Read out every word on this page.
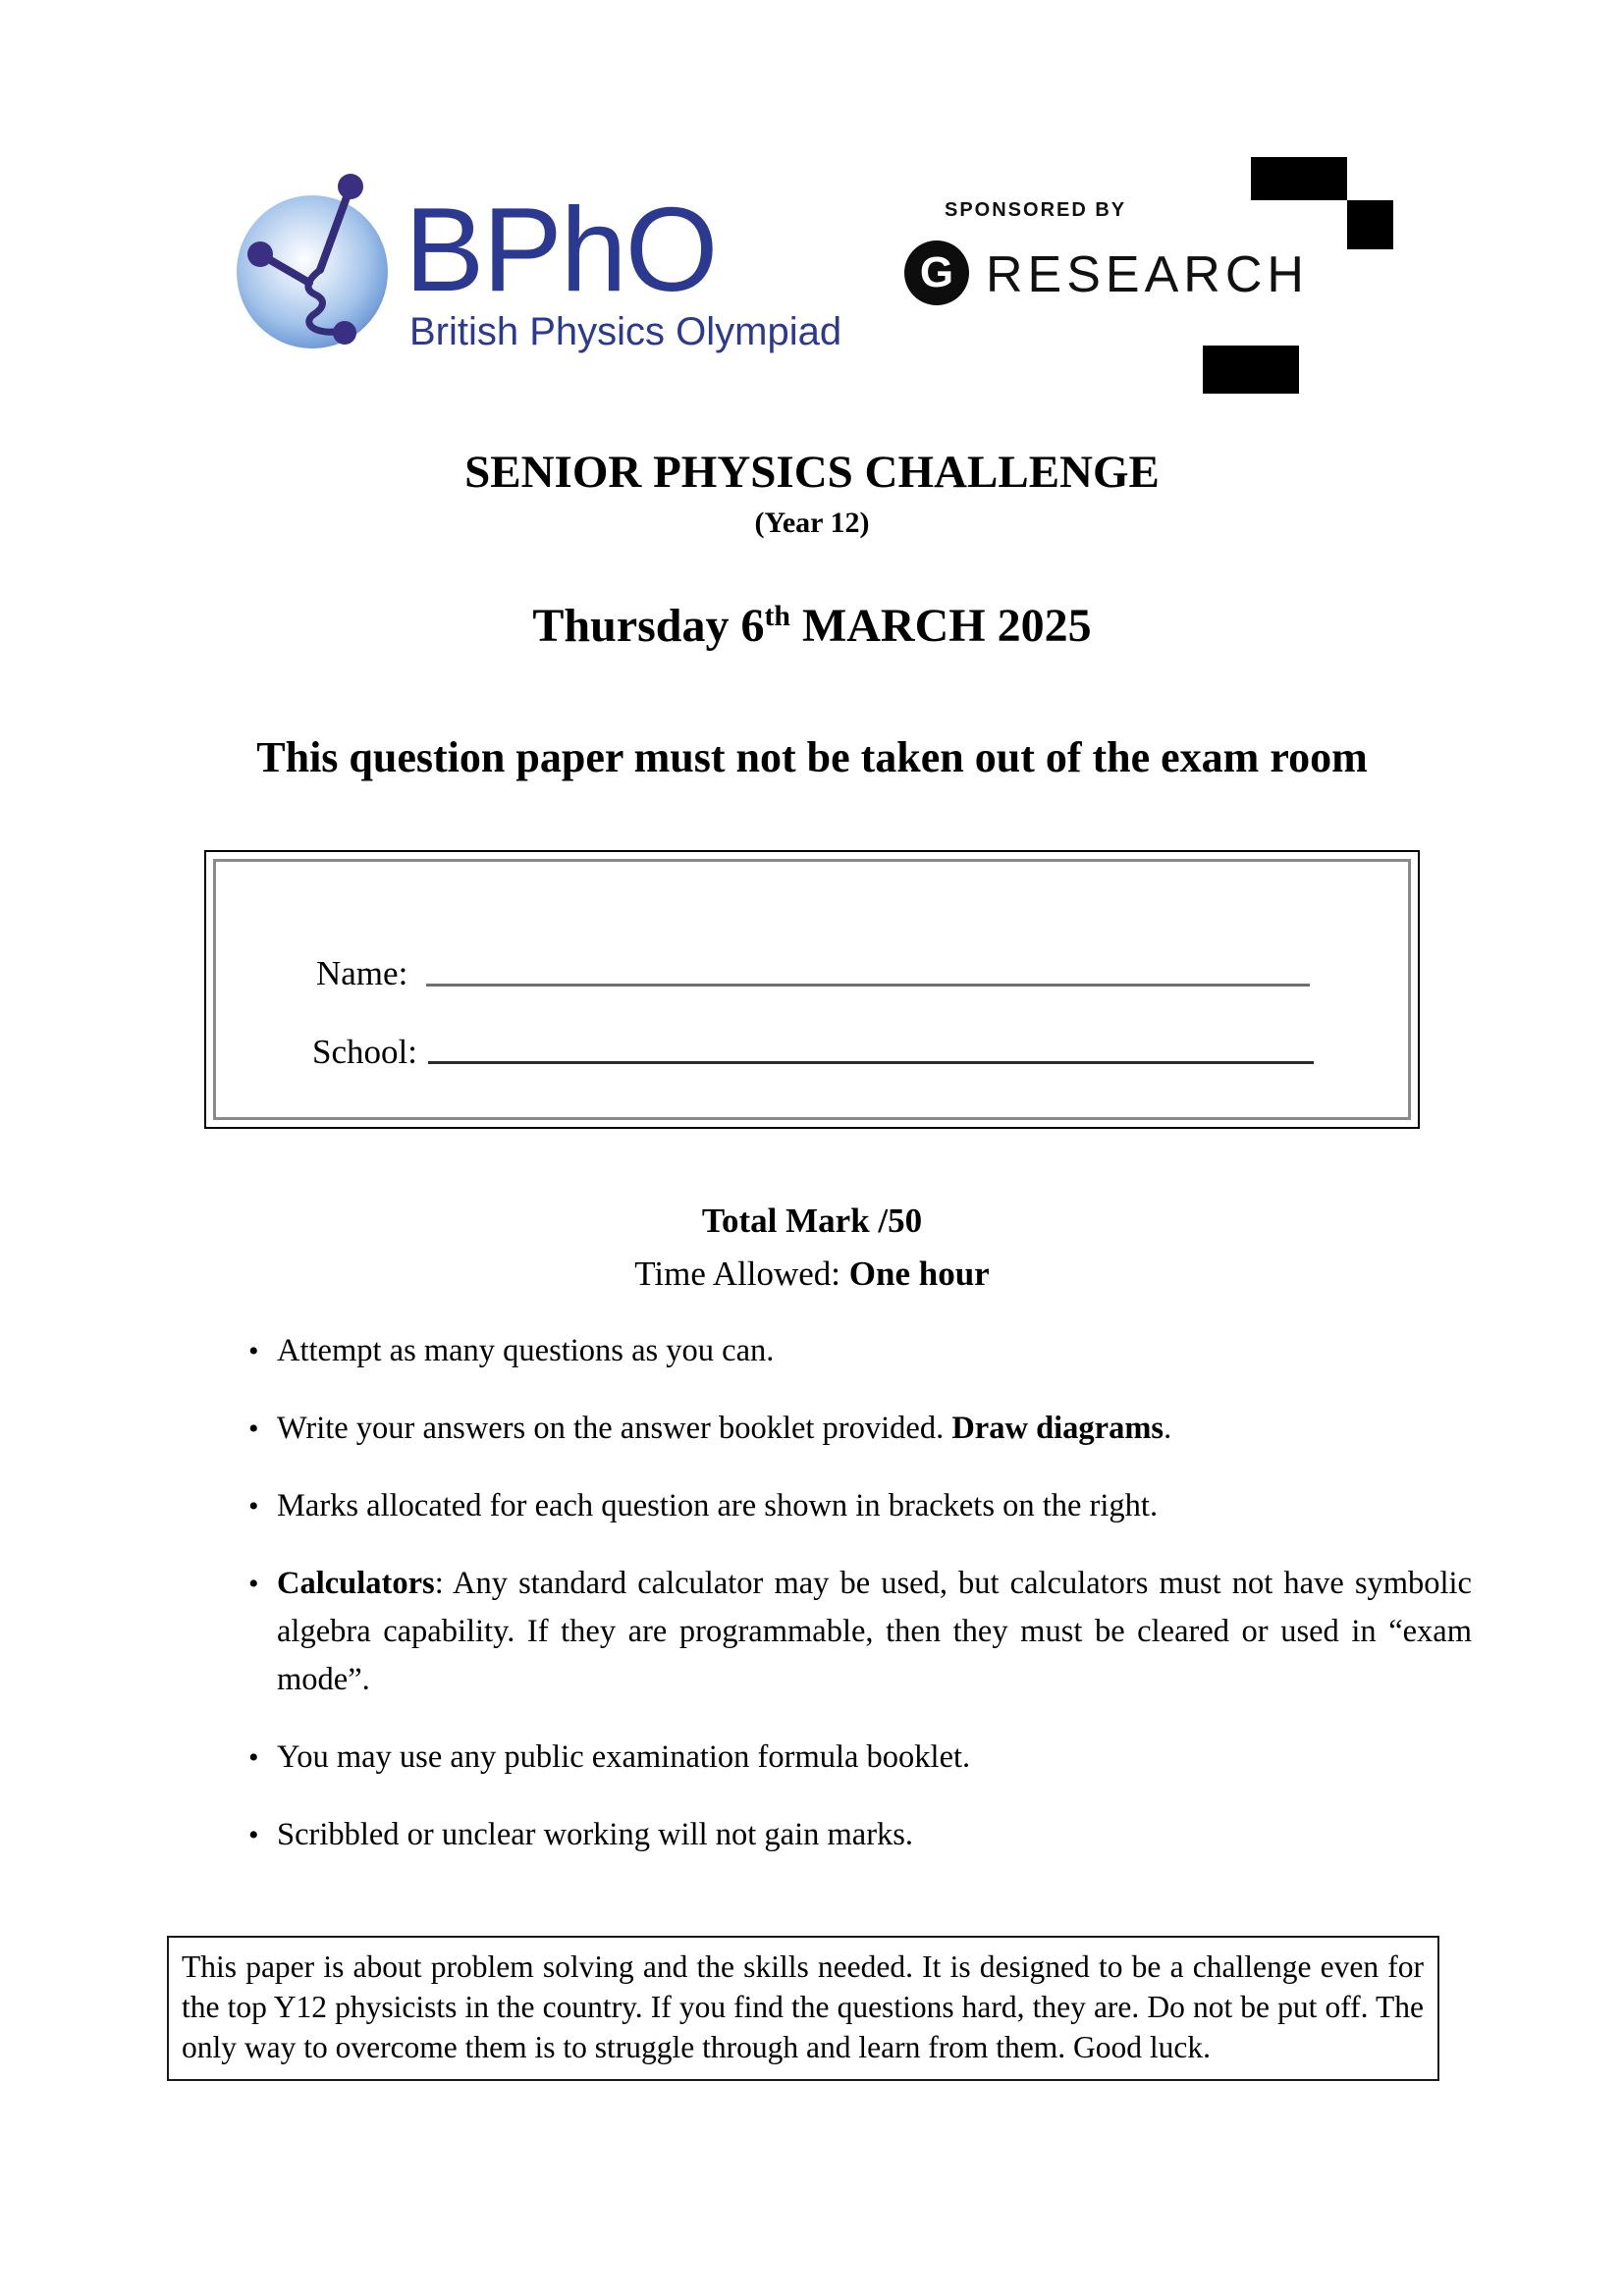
BPhO
British Physics Olympiad
SPONSORED BY
G RESEARCH
SENIOR PHYSICS CHALLENGE
(Year 12)
Thursday 6th MARCH 2025
This question paper must not be taken out of the exam room
Name:
School:
Total Mark /50
Time Allowed: One hour
• Attempt as many questions as you can.
• Write your answers on the answer booklet provided. Draw diagrams.
• Marks allocated for each question are shown in brackets on the right.
• Calculators: Any standard calculator may be used, but calculators must not have symbolic algebra capability. If they are programmable, then they must be cleared or used in “exam mode”.
• You may use any public examination formula booklet.
• Scribbled or unclear working will not gain marks.
This paper is about problem solving and the skills needed. It is designed to be a challenge even for the top Y12 physicists in the country. If you find the questions hard, they are. Do not be put off. The only way to overcome them is to struggle through and learn from them. Good luck.
